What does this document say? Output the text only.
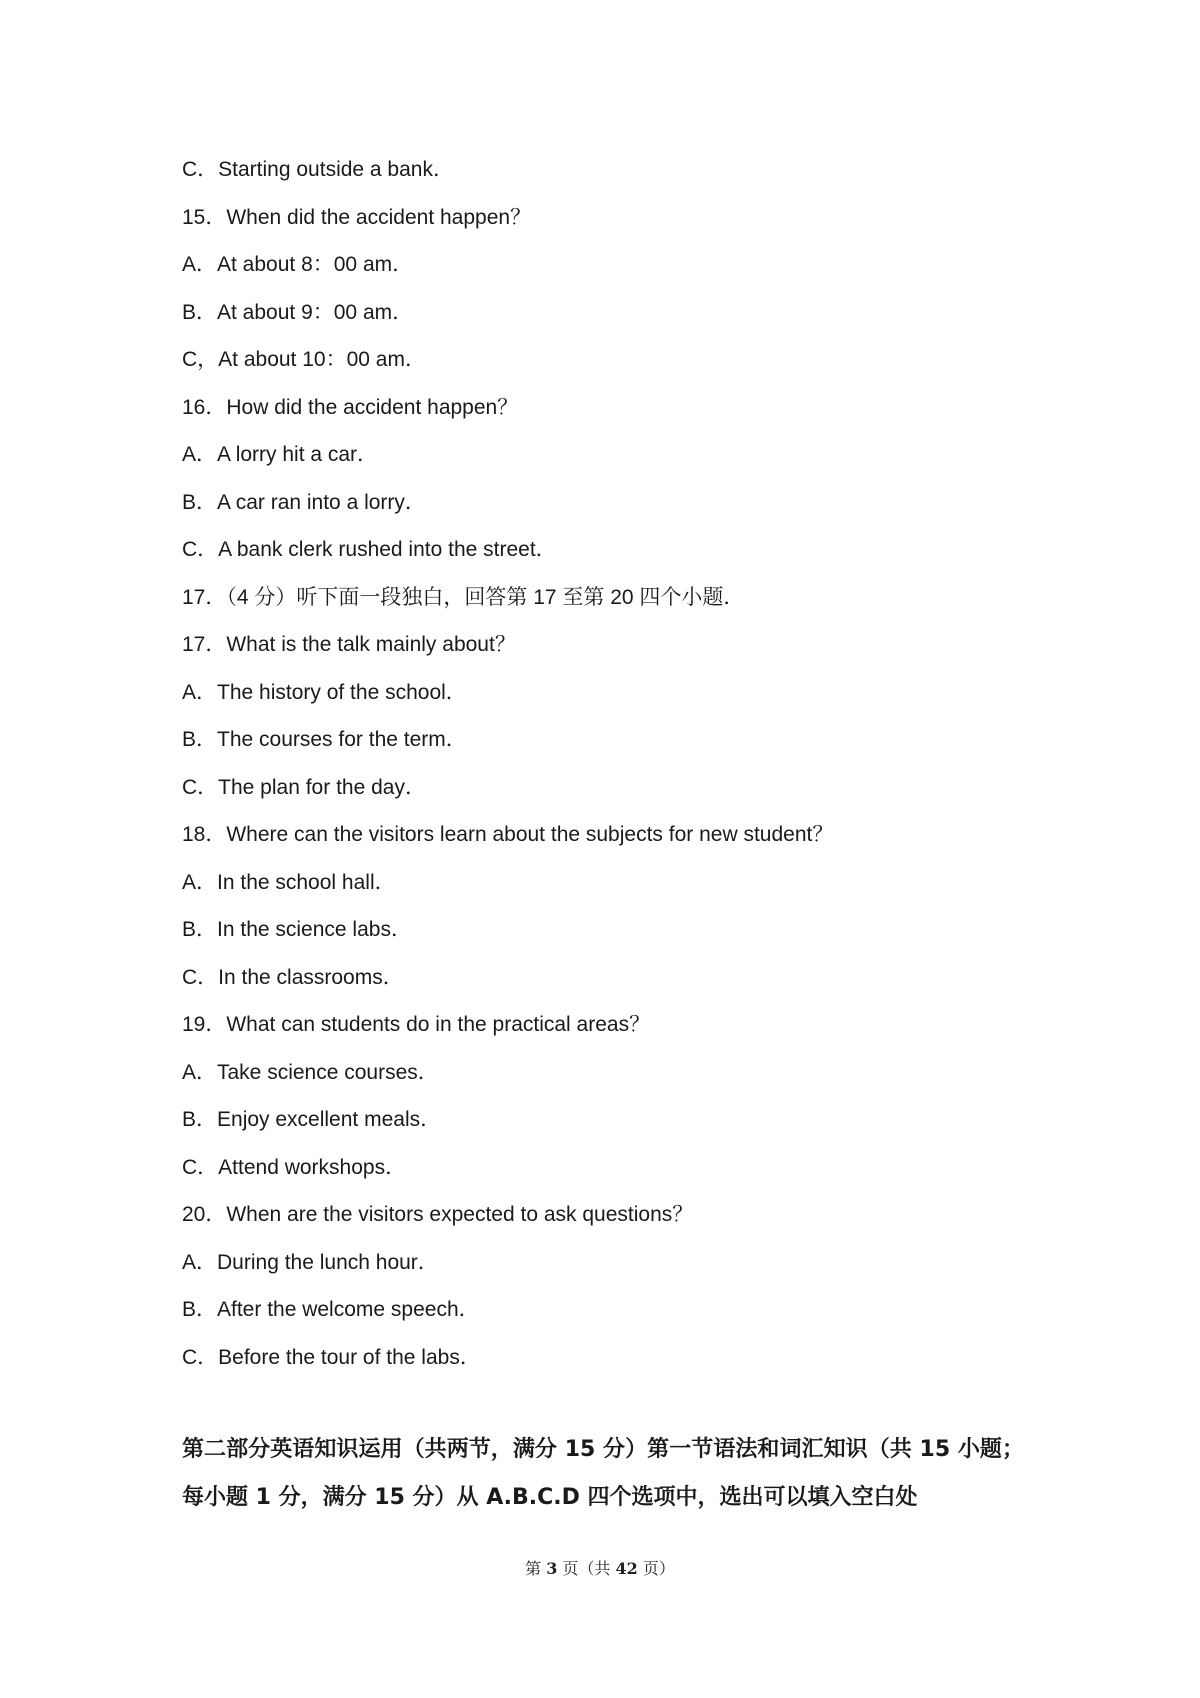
C．Starting outside a bank．
15．When did the accident happen？
A．At about 8：00 am．
B．At about 9：00 am．
C，At about 10：00 am．
16．How did the accident happen？
A．A lorry hit a car．
B．A car ran into a lorry．
C．A bank clerk rushed into the street．
17．（4 分）听下面一段独白，回答第 17 至第 20 四个小题．
17．What is the talk mainly about？
A．The history of the school．
B．The courses for the term．
C．The plan for the day．
18．Where can the visitors learn about the subjects for new student？
A．In the school hall．
B．In the science labs．
C．In the classrooms．
19．What can students do in the practical areas？
A．Take science courses．
B．Enjoy excellent meals．
C．Attend workshops．
20．When are the visitors expected to ask questions？
A．During the lunch hour．
B．After the welcome speech．
C．Before the tour of the labs．
第二部分英语知识运用（共两节，满分 15 分）第一节语法和词汇知识（共 15 小题；每小题 1 分，满分 15 分）从 A.B.C.D 四个选项中，选出可以填入空白处
第 3 页（共 42 页）
